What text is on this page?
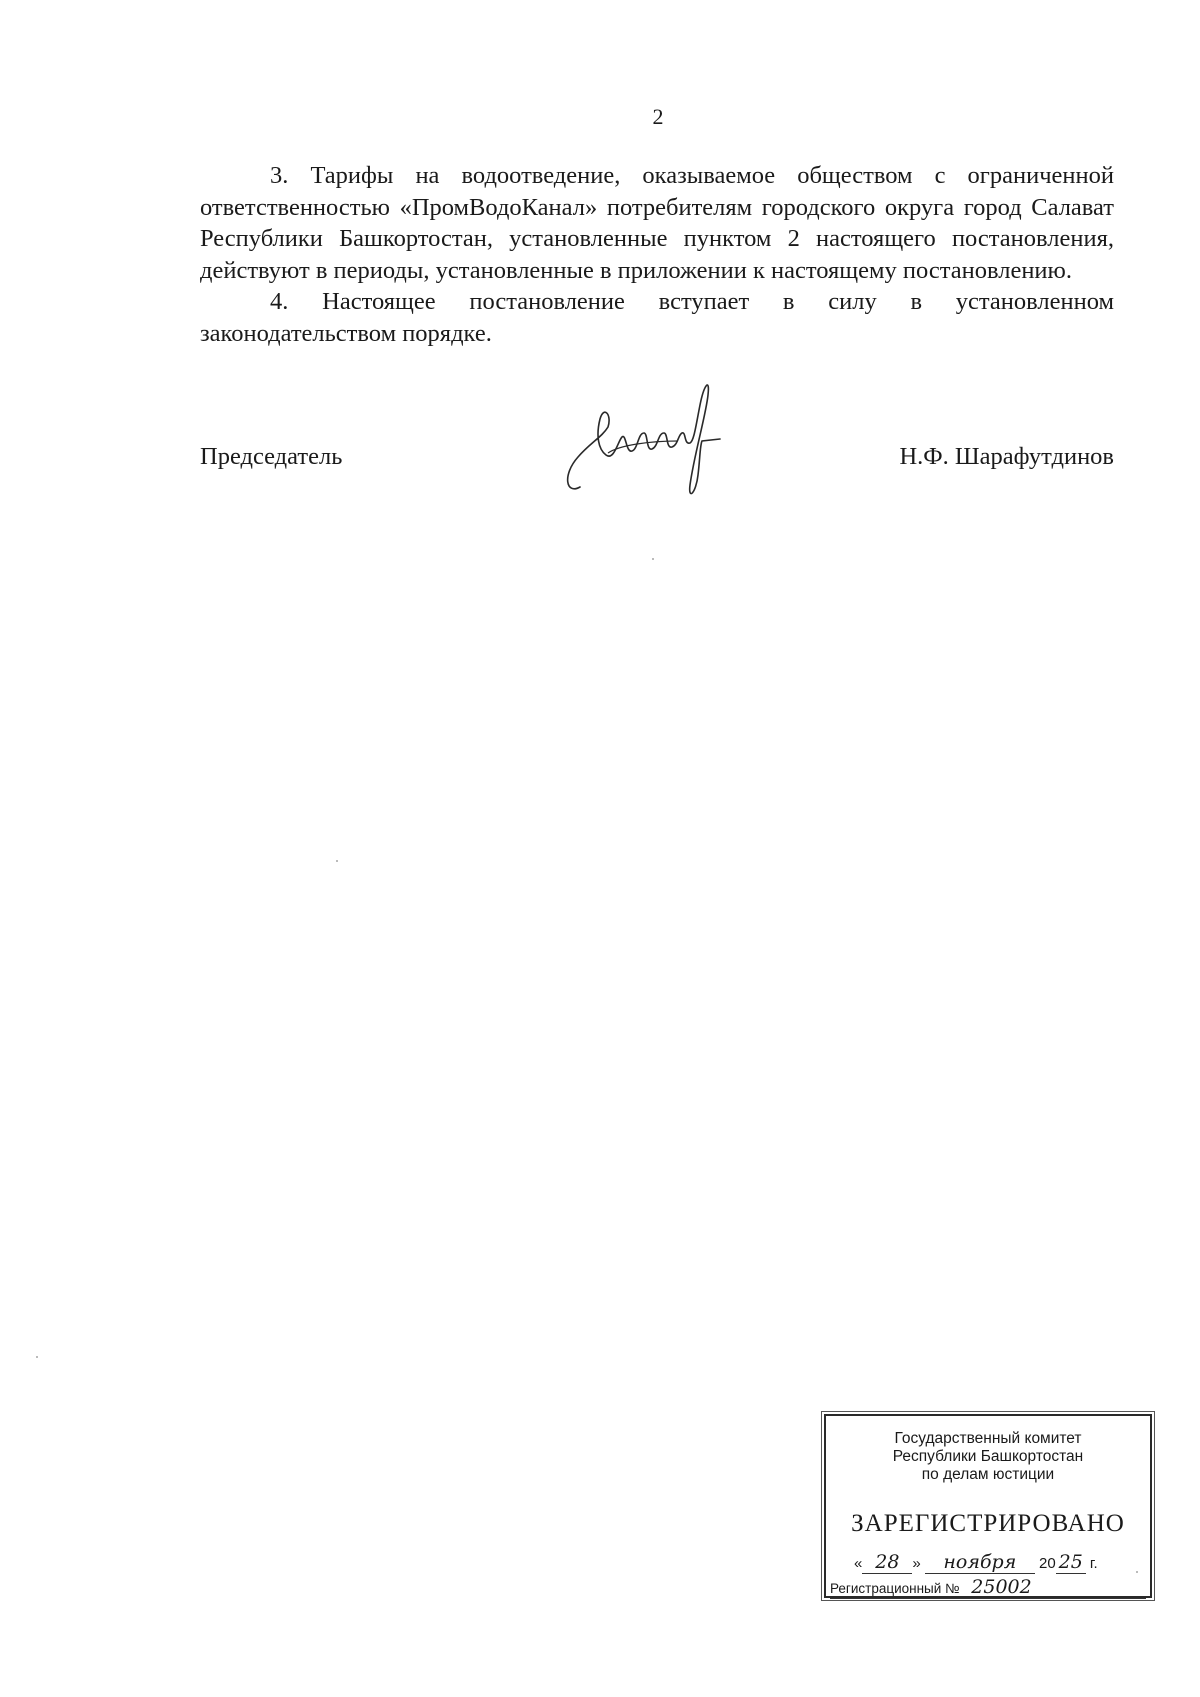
2

3. Тарифы на водоотведение, оказываемое обществом с ограниченной ответственностью «ПромВодоКанал» потребителям городского округа город Салават Республики Башкортостан, установленные пунктом 2 настоящего постановления, действуют в периоды, установленные в приложении к настоящему постановлению.

4. Настоящее постановление вступает в силу в установленном законодательством порядке.

Председатель	Н.Ф. Шарафутдинов
Государственный комитет
Республики Башкортостан
по делам юстиции
ЗАРЕГИСТРИРОВАНО
« 28 » ноября 20 25 г.
Регистрационный № 25002
